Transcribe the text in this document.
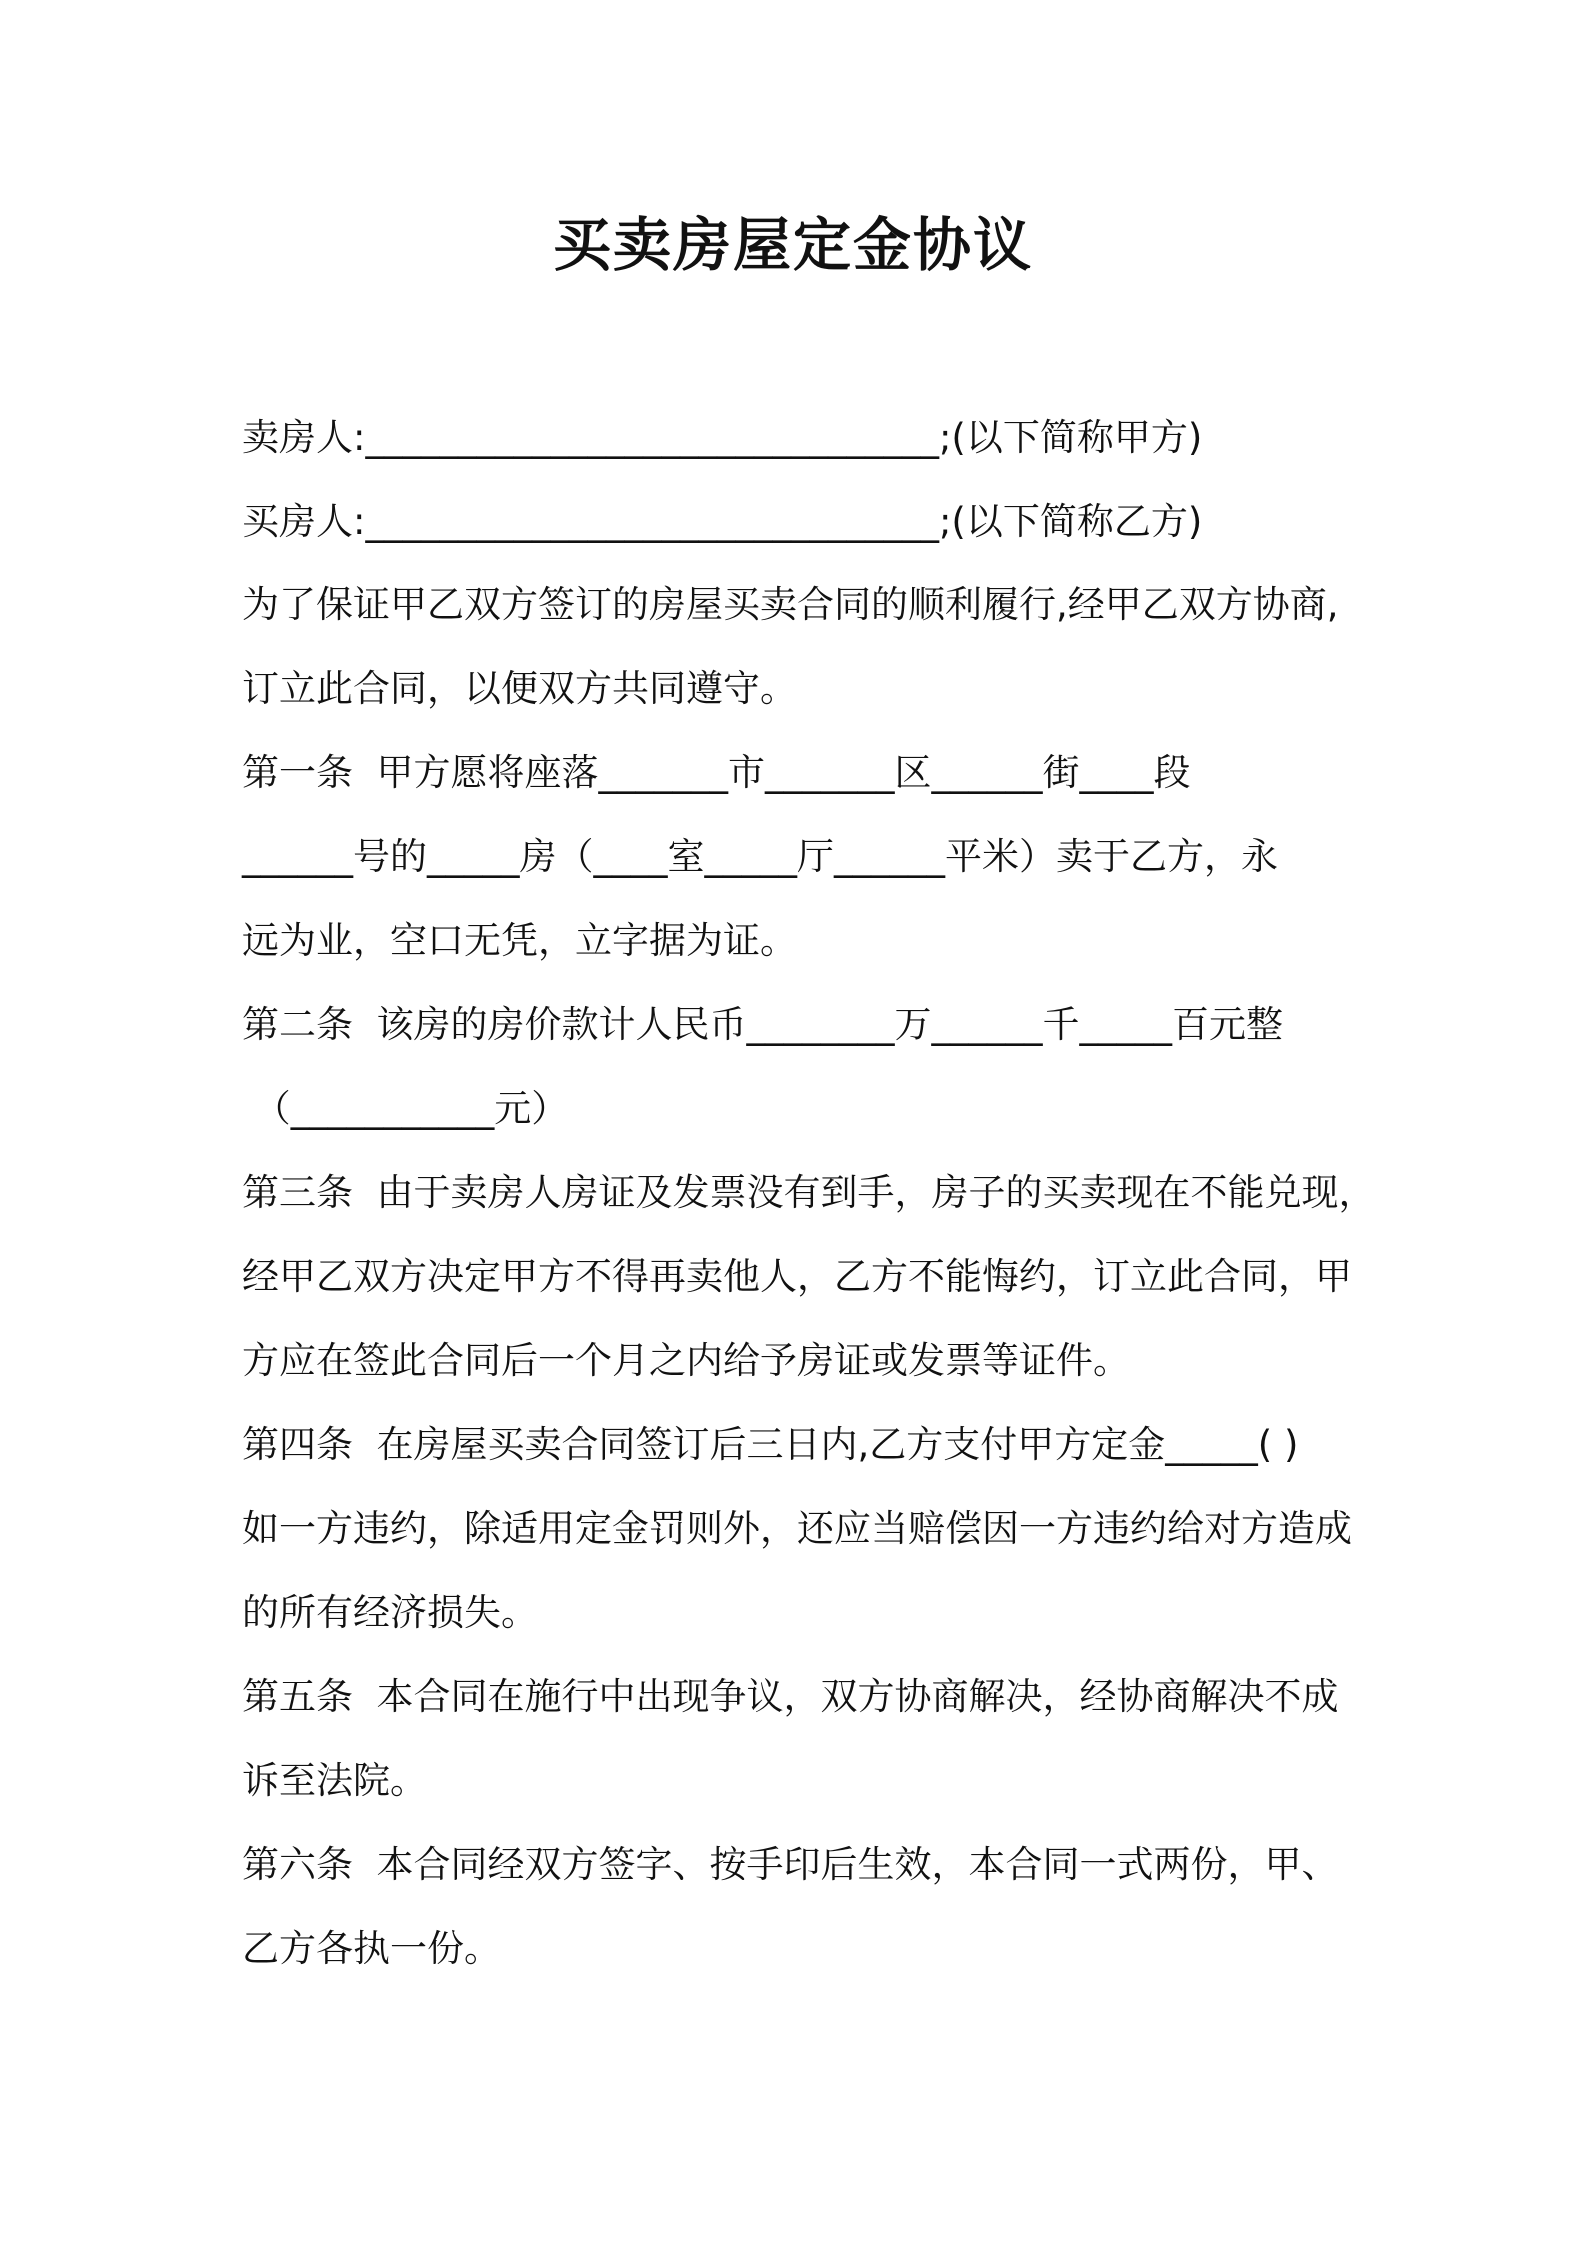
买卖房屋定金协议
卖房人:_______________________________;(以下简称甲方)
买房人:_______________________________;(以下简称乙方)
为了保证甲乙双方签订的房屋买卖合同的顺利履行,经甲乙双方协商,
订立此合同，以便双方共同遵守。
第一条  甲方愿将座落_______市_______区______街____段
______号的_____房（____室_____厅______平米）卖于乙方，永
远为业，空口无凭，立字据为证。
第二条  该房的房价款计人民币________万______千_____百元整
（___________元）
第三条  由于卖房人房证及发票没有到手，房子的买卖现在不能兑现，
经甲乙双方决定甲方不得再卖他人，乙方不能悔约，订立此合同，甲
方应在签此合同后一个月之内给予房证或发票等证件。
第四条  在房屋买卖合同签订后三日内,乙方支付甲方定金_____( )
如一方违约，除适用定金罚则外，还应当赔偿因一方违约给对方造成
的所有经济损失。
第五条  本合同在施行中出现争议，双方协商解决，经协商解决不成
诉至法院。
第六条  本合同经双方签字、按手印后生效，本合同一式两份，甲、
乙方各执一份。
